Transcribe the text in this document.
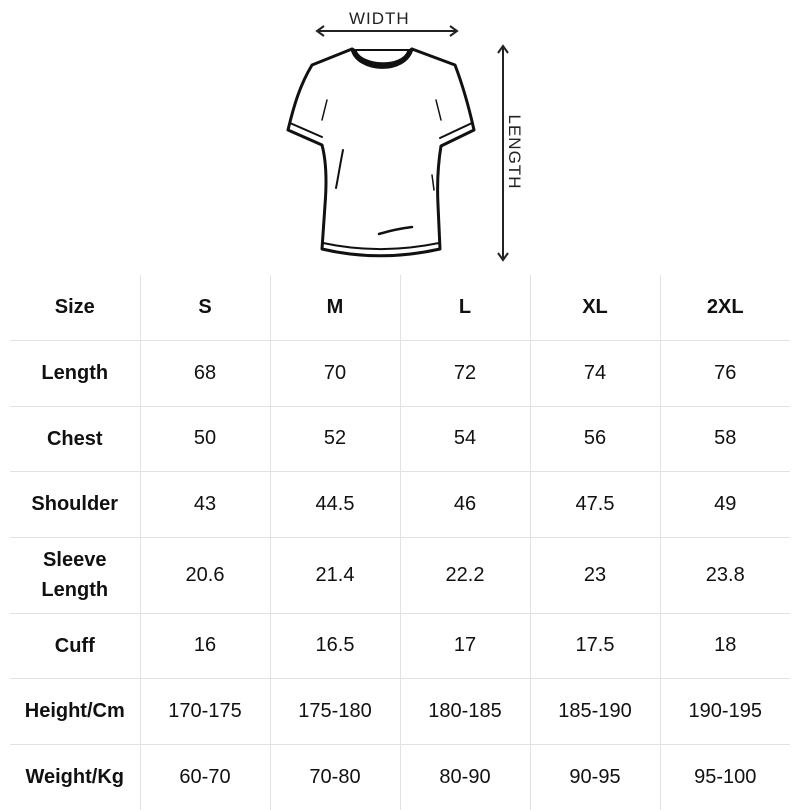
WIDTH
LENGTH
Size	S	M	L	XL	2XL
Length	68	70	72	74	76
Chest	50	52	54	56	58
Shoulder	43	44.5	46	47.5	49
Sleeve Length	20.6	21.4	22.2	23	23.8
Cuff	16	16.5	17	17.5	18
Height/Cm	170-175	175-180	180-185	185-190	190-195
Weight/Kg	60-70	70-80	80-90	90-95	95-100
